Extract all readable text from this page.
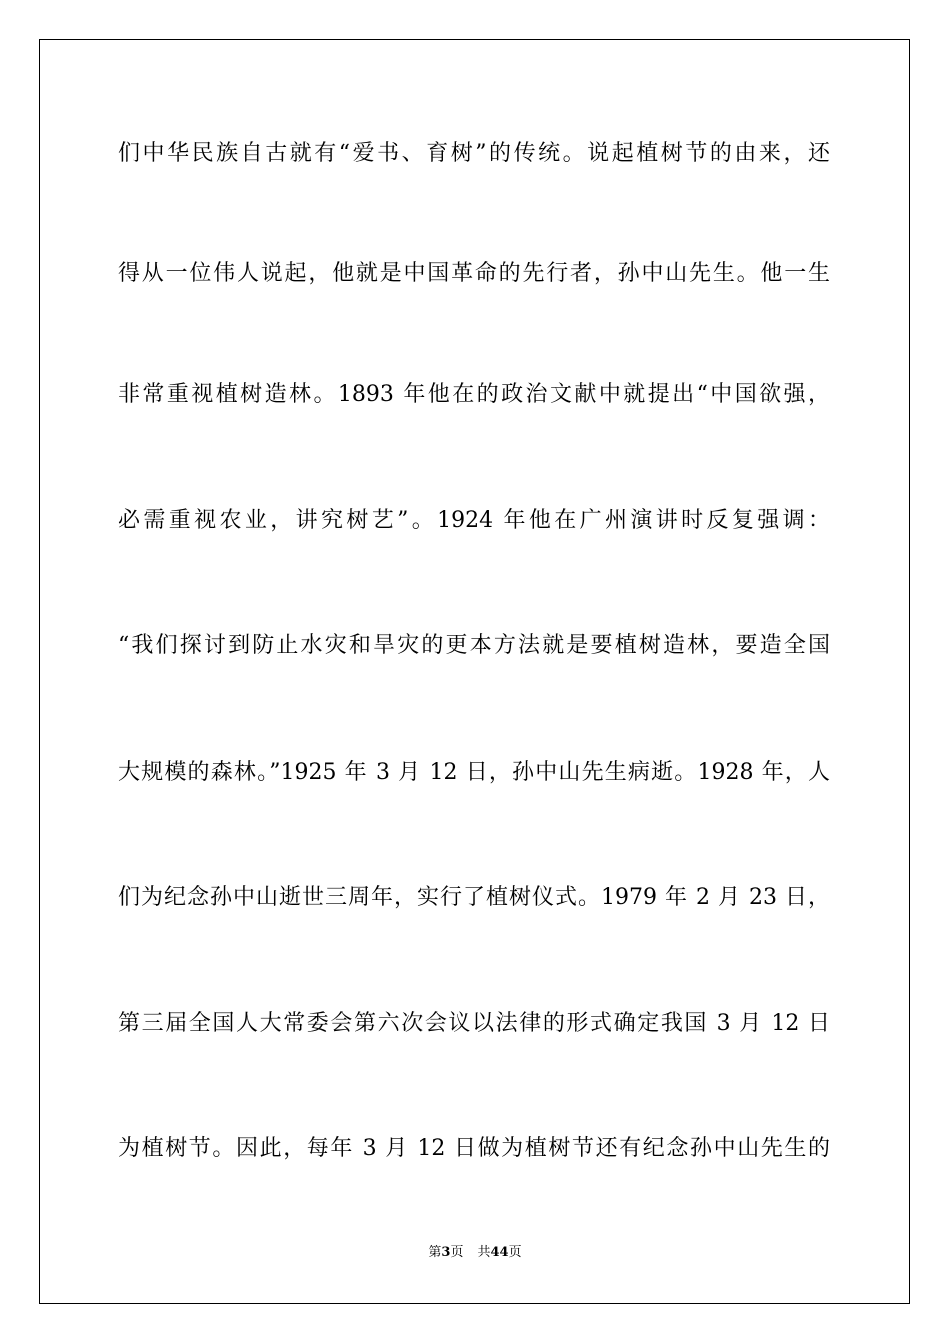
们中华民族自古就有“爱书、育树”的传统。说起植树节的由来，还
得从一位伟人说起，他就是中国革命的先行者，孙中山先生。他一生
非常重视植树造林。1893 年他在的政治文献中就提出“中国欲强，
必需重视农业，讲究树艺”。1924 年他在广州演讲时反复强调：
“我们探讨到防止水灾和旱灾的更本方法就是要植树造林，要造全国
大规模的森林。”1925 年 3 月 12 日，孙中山先生病逝。1928 年，人
们为纪念孙中山逝世三周年，实行了植树仪式。1979 年 2 月 23 日，
第三届全国人大常委会第六次会议以法律的形式确定我国 3 月 12 日
为植树节。因此，每年 3 月 12 日做为植树节还有纪念孙中山先生的
第3页 共44页
